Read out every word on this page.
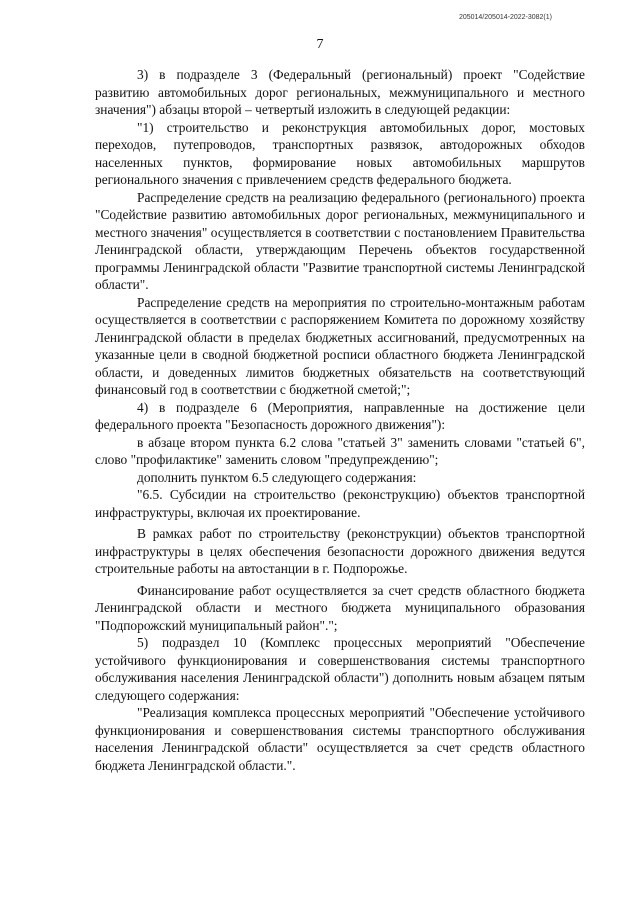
205014/205014-2022-3082(1)
7

3) в подразделе 3 (Федеральный (региональный) проект "Содействие развитию автомобильных дорог региональных, межмуниципального и местного значения") абзацы второй – четвертый изложить в следующей редакции:

"1) строительство и реконструкция автомобильных дорог, мостовых переходов, путепроводов, транспортных развязок, автодорожных обходов населенных пунктов, формирование новых автомобильных маршрутов регионального значения с привлечением средств федерального бюджета.

Распределение средств на реализацию федерального (регионального) проекта "Содействие развитию автомобильных дорог региональных, межмуниципального и местного значения" осуществляется в соответствии с постановлением Правительства Ленинградской области, утверждающим Перечень объектов государственной программы Ленинградской области "Развитие транспортной системы Ленинградской области".

Распределение средств на мероприятия по строительно-монтажным работам осуществляется в соответствии с распоряжением Комитета по дорожному хозяйству Ленинградской области в пределах бюджетных ассигнований, предусмотренных на указанные цели в сводной бюджетной росписи областного бюджета Ленинградской области, и доведенных лимитов бюджетных обязательств на соответствующий финансовый год в соответствии с бюджетной сметой;";

4) в подразделе 6 (Мероприятия, направленные на достижение цели федерального проекта "Безопасность дорожного движения"):

в абзаце втором пункта 6.2 слова "статьей 3" заменить словами "статьей 6", слово "профилактике" заменить словом "предупреждению";

дополнить пунктом 6.5 следующего содержания:

"6.5. Субсидии на строительство (реконструкцию) объектов транспортной инфраструктуры, включая их проектирование.

В рамках работ по строительству (реконструкции) объектов транспортной инфраструктуры в целях обеспечения безопасности дорожного движения ведутся строительные работы на автостанции в г. Подпорожье.

Финансирование работ осуществляется за счет средств областного бюджета Ленинградской области и местного бюджета муниципального образования "Подпорожский муниципальный район".";

5) подраздел 10 (Комплекс процессных мероприятий "Обеспечение устойчивого функционирования и совершенствования системы транспортного обслуживания населения Ленинградской области") дополнить новым абзацем пятым следующего содержания:

"Реализация комплекса процессных мероприятий "Обеспечение устойчивого функционирования и совершенствования системы транспортного обслуживания населения Ленинградской области" осуществляется за счет средств областного бюджета Ленинградской области.".
